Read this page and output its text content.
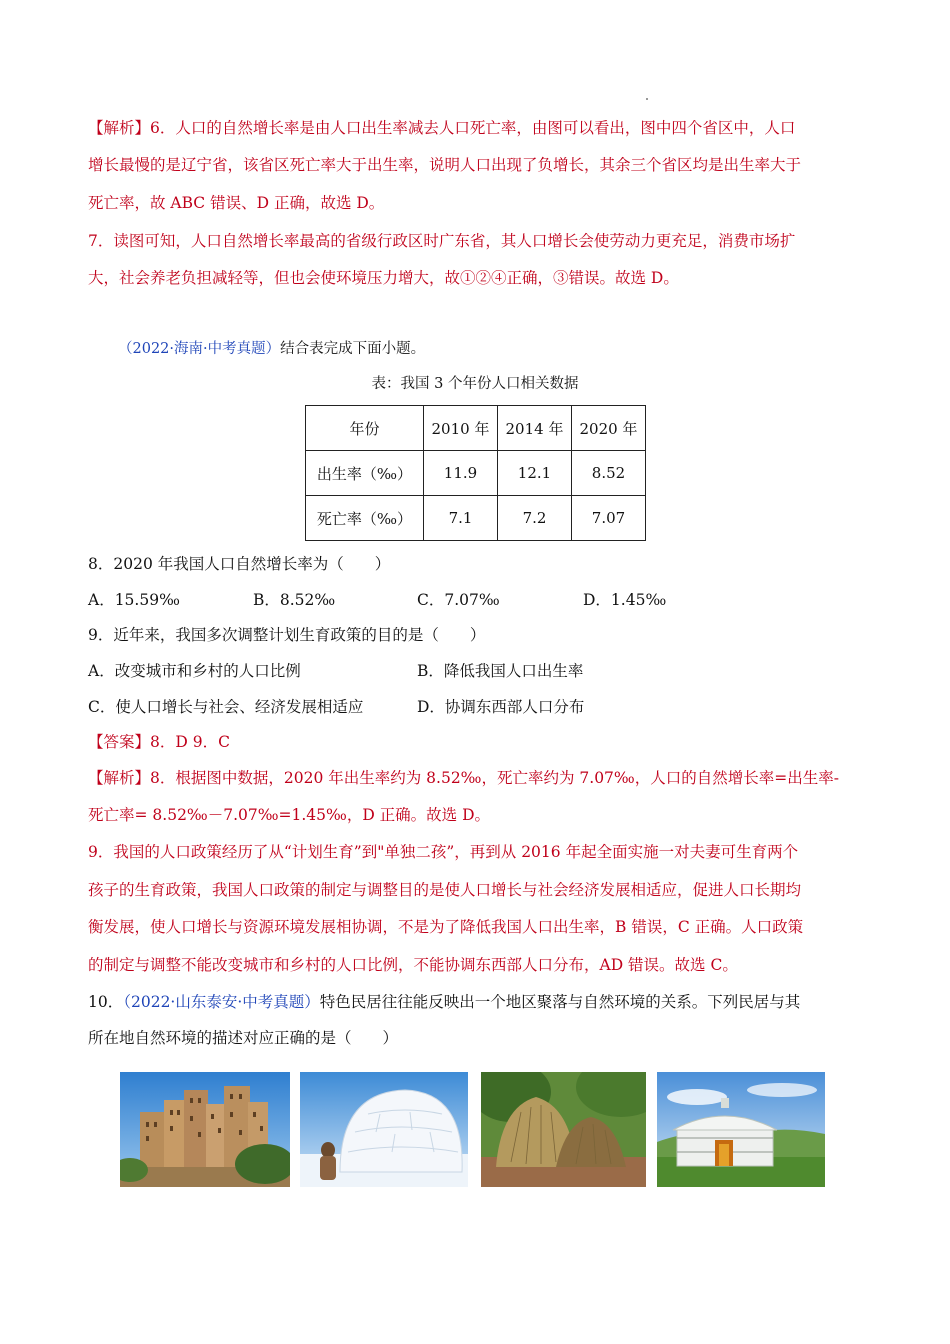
【解析】6．人口的自然增长率是由人口出生率减去人口死亡率，由图可以看出，图中四个省区中，人口
增长最慢的是辽宁省，该省区死亡率大于出生率，说明人口出现了负增长，其余三个省区均是出生率大于
死亡率，故 ABC 错误、D 正确，故选 D。
7．读图可知，人口自然增长率最高的省级行政区时广东省，其人口增长会使劳动力更充足，消费市场扩
大，社会养老负担减轻等，但也会使环境压力增大，故①②④正确，③错误。故选 D。
（2022·海南·中考真题）结合表完成下面小题。
表：我国 3 个年份人口相关数据
年份	2010 年	2014 年	2020 年
出生率（‰）	11.9	12.1	8.52
死亡率（‰）	7.1	7.2	7.07
8．2020 年我国人口自然增长率为（　　）
A．15.59‰	B．8.52‰	C．7.07‰	D．1.45‰
9．近年来，我国多次调整计划生育政策的目的是（　　）
A．改变城市和乡村的人口比例	B．降低我国人口出生率
C．使人口增长与社会、经济发展相适应	D．协调东西部人口分布
【答案】8．D 9．C
【解析】8．根据图中数据，2020 年出生率约为 8.52‰，死亡率约为 7.07‰，人口的自然增长率=出生率-
死亡率= 8.52‰－7.07‰=1.45‰，D 正确。故选 D。
9．我国的人口政策经历了从“计划生育”到"单独二孩”，再到从 2016 年起全面实施一对夫妻可生育两个
孩子的生育政策，我国人口政策的制定与调整目的是使人口增长与社会经济发展相适应，促进人口长期均
衡发展，使人口增长与资源环境发展相协调，不是为了降低我国人口出生率，B 错误，C 正确。人口政策
的制定与调整不能改变城市和乡村的人口比例，不能协调东西部人口分布，AD 错误。故选 C。
10．（2022·山东泰安·中考真题）特色民居往往能反映出一个地区聚落与自然环境的关系。下列民居与其
所在地自然环境的描述对应正确的是（　　）
